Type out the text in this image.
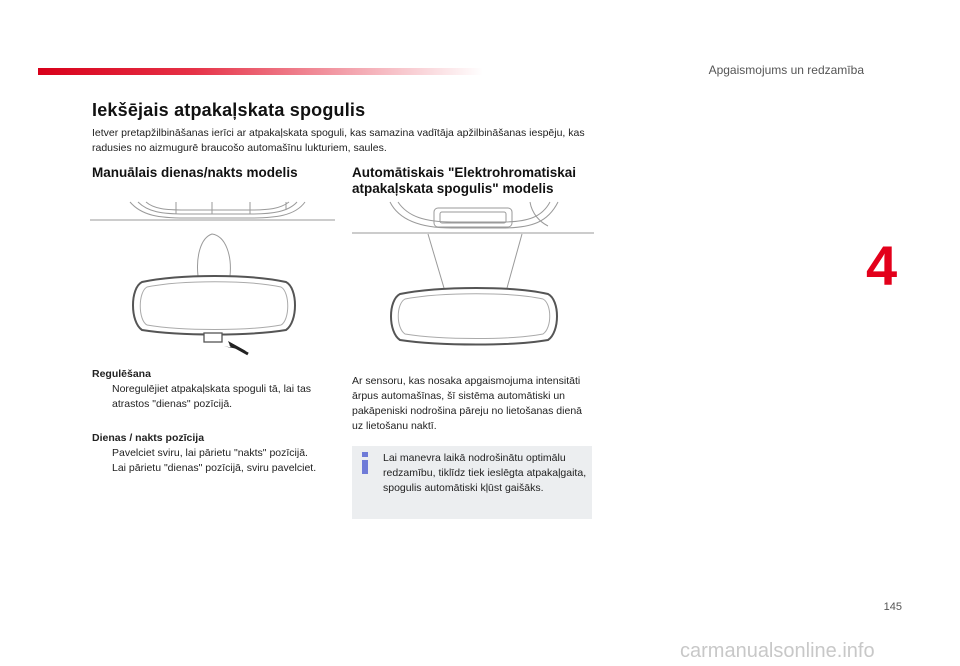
Apgaismojums un redzamība
4
Iekšējais atpakaļskata spogulis
Ietver pretapžilbināšanas ierīci ar atpakaļskata spoguli, kas samazina vadītāja apžilbināšanas iespēju, kas radusies no aizmugurē braucošo automašīnu lukturiem, saules.
Manuālais dienas/nakts modelis
Regulēšana
Noregulējiet atpakaļskata spoguli tā, lai tas atrastos "dienas" pozīcijā.
Dienas / nakts pozīcija
Pavelciet sviru, lai pārietu "nakts" pozīcijā.
Lai pārietu "dienas" pozīcijā, sviru pavelciet.
Automātiskais "Elektrohromatiskai atpakaļskata spogulis" modelis
Ar sensoru, kas nosaka apgaismojuma intensitāti ārpus automašīnas, šī sistēma automātiski un pakāpeniski nodrošina pāreju no lietošanas dienā uz lietošanu naktī.
Lai manevra laikā nodrošinātu optimālu redzamību, tiklīdz tiek ieslēgta atpakaļgaita, spogulis automātiski kļūst gaišāks.
145
carmanualsonline.info
